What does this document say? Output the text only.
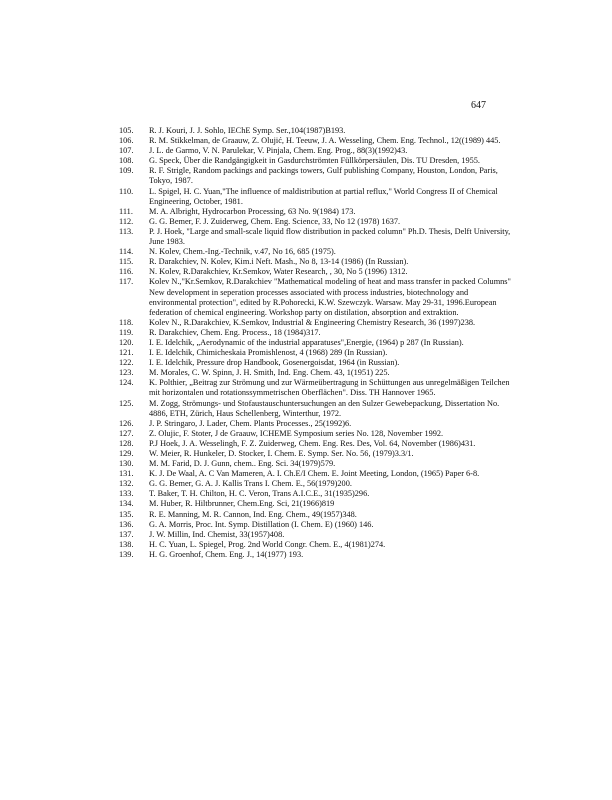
647
105.	R. J. Kouri, J. J. Sohlo, IEChE Symp. Ser.,104(1987)B193.
106.	R. M. Stikkelman, de Graauw, Z. Olujić, H. Teeuw, J. A. Wesseling, Chem. Eng. Technol., 12((1989) 445.
107.	J. L. de Garmo, V. N. Parulekar, V. Pinjala, Chem. Eng. Prog., 88(3)(1992)43.
108.	G. Speck, Über die Randgängigkeit in Gasdurchströmten Füllkörpersäulen, Dis. TU Dresden, 1955.
109.	R. F. Strigle, Random packings and packings towers, Gulf publishing Company, Houston, London, Paris, Tokyo, 1987.
110.	L. Spigel, H. C. Yuan,"The influence of maldistribution at partial reflux," World Congress II of Chemical Engineering, October, 1981.
111.	M. A. Albright, Hydrocarbon Processing, 63 No. 9(1984) 173.
112.	G. G. Bemer, F. J. Zuiderweg, Chem. Eng. Science, 33, No 12 (1978) 1637.
113.	P. J. Hoek, "Large and small-scale liquid flow distribution in packed column" Ph.D. Thesis, Delft University, June 1983.
114.	N. Kolev, Chem.-Ing.-Technik, v.47, No 16, 685 (1975).
115.	R. Darakchiev, N. Kolev, Kim.i Neft. Mash., No 8, 13-14 (1986) (In Russian).
116.	N. Kolev, R.Darakchiev, Kr.Semkov, Water Research, , 30, No 5 (1996) 1312.
117.	Kolev N.,"Kr.Semkov, R.Darakchiev "Mathematical modeling of heat and mass transfer in packed Columns" New development in seperation processes associated with process industries, biotechnology and environmental protection", edited by R.Pohorecki, K.W. Szewczyk. Warsaw. May 29-31, 1996.European federation of chemical engineering. Workshop party on distilation, absorption and extraktion.
118.	Kolev N., R.Darakchiev, K.Semkov, Industrial & Engineering Chemistry Research, 36 (1997)238.
119.	R. Darakchiev, Chem. Eng. Process., 18 (1984)317.
120.	I. E. Idelchik, „Aerodynamic of the industrial apparatuses",Energie, (1964) p 287 (In Russian).
121.	I. E. Idelchik, Chimicheskaia Promishlenost, 4 (1968) 289 (In Russian).
122.	I. E. Idelchik, Pressure drop Handbook, Gosenergoisdat, 1964 (in Russian).
123.	M. Morales, C. W. Spinn, J. H. Smith, Ind. Eng. Chem. 43, 1(1951) 225.
124.	K. Polthier, „Beitrag zur Strömung und zur Wärmeübertragung in Schüttungen aus unregelmäßigen Teilchen mit horizontalen und rotationssymmetrischen Oberflächen". Diss. TH Hannover 1965.
125.	M. Zogg, Strömungs- und Stofaustauschuntersuchungen an den Sulzer Gewebepackung, Dissertation No. 4886, ETH, Zürich, Haus Schellenberg, Winterthur, 1972.
126.	J. P. Stringaro, J. Lader, Chem. Plants Processes., 25(1992)6.
127.	Z. Olujic, F. Stoter, J de Graauw, ICHEME Symposium series No. 128, November 1992.
128.	P.J Hoek, J. A. Wesselingh, F. Z. Zuiderweg, Chem. Eng. Res. Des, Vol. 64, November (1986)431.
129.	W. Meier, R. Hunkeler, D. Stocker, I. Chem. E. Symp. Ser. No. 56, (1979)3.3/1.
130.	M. M. Farid, D. J. Gunn, chem.. Eng. Sci. 34(1979)579.
131.	K. J. De Waal, A. C Van Mameren, A. I. Ch.E/I Chem. E. Joint Meeting, London, (1965) Paper 6-8.
132.	G. G. Bemer, G. A. J. Kallis Trans I. Chem. E., 56(1979)200.
133.	T. Baker, T. H. Chilton, H. C. Veron, Trans A.I.C.E., 31(1935)296.
134.	M. Huber, R. Hiltbrunner, Chem.Eng. Sci, 21(1966)819
135.	R. E. Manning, M. R. Cannon, Ind. Eng. Chem., 49(1957)348.
136.	G. A. Morris, Proc. Int. Symp. Distillation (I. Chem. E) (1960) 146.
137.	J. W. Millin, Ind. Chemist, 33(1957)408.
138.	H. C. Yuan, L. Spiegel, Prog. 2nd World Congr. Chem. E., 4(1981)274.
139.	H. G. Groenhof, Chem. Eng. J., 14(1977) 193.
